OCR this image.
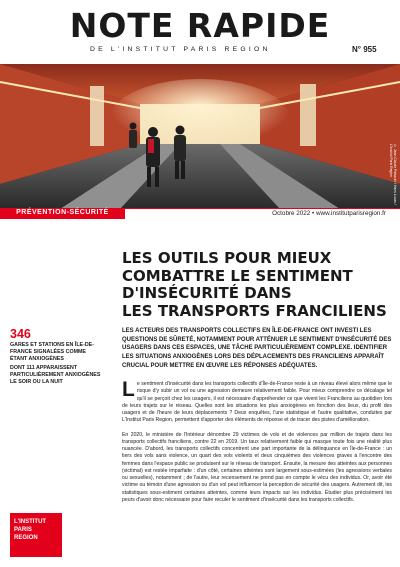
NOTE RAPIDE
DE L'INSTITUT PARIS REGION	N° 955
© Jean-Claude Pattacini / Hans Lucas / L'Institut Paris Region
PRÉVENTION-SÉCURITÉ	Octobre 2022 • www.institutparisregion.fr
LES OUTILS POUR MIEUX
COMBATTRE LE SENTIMENT
D'INSÉCURITÉ DANS
LES TRANSPORTS FRANCILIENS
346
GARES ET STATIONS EN ÎLE-DE-FRANCE SIGNALÉES COMME ÉTANT ANXIOGÈNES
DONT 111 APPARAISSENT PARTICULIÈREMENT ANXIOGÈNES LE SOIR OU LA NUIT
LES ACTEURS DES TRANSPORTS COLLECTIFS EN ÎLE-DE-FRANCE ONT INVESTI LES QUESTIONS DE SÛRETÉ, NOTAMMENT POUR ATTÉNUER LE SENTIMENT D'INSÉCURITÉ DES USAGERS DANS CES ESPACES, UNE TÂCHE PARTICULIÈREMENT COMPLEXE. IDENTIFIER LES SITUATIONS ANXIOGÈNES LORS DES DÉPLACEMENTS DES FRANCILIENS APPARAÎT CRUCIAL POUR METTRE EN ŒUVRE LES RÉPONSES ADÉQUATES.

Le sentiment d'insécurité dans les transports collectifs d'Île-de-France reste à un niveau élevé alors même que le risque d'y subir un vol ou une agression demeure relativement faible. Pour mieux comprendre ce décalage tel qu'il se perçoit chez les usagers, il est nécessaire d'appréhender ce que vivent les Franciliens au quotidien lors de leurs trajets sur le réseau. Quelles sont les situations les plus anxiogènes en fonction des lieux, du profil des usagers et de l'heure de leurs déplacements ? Deux enquêtes, l'une statistique et l'autre qualitative, conduites par L'Institut Paris Region, permettent d'apporter des éléments de réponse et de tracer des pistes d'amélioration.

En 2020, le ministère de l'Intérieur dénombre 29 victimes de vols et de violences par million de trajets dans les transports collectifs franciliens, contre 22 en 2019. Un taux relativement faible qui masque toute fois une réalité plus nuancée. D'abord, les transports collectifs concentrent une part importante de la délinquance en Île-de-France : un tiers des vols sans violence, un quart des vols violents et deux cinquièmes des violences graves à l'encontre des femmes dans l'espace public se produisent sur le réseau de transport. Ensuite, la mesure des atteintes aux personnes (victimat) est restée imparfaite : d'un côté, certaines atteintes sont largement sous-estimées (les agressions verbales ou sexuelles), notamment ; de l'autre, leur recensement ne prend pas en compte le vécu des individus. Or, avoir été victime ou témoin d'une agression ou d'un vol peut influencer la perception de sécurité des usagers. Autrement dit, les statistiques sous-estiment certaines atteintes, comme leurs impacts sur les individus. Étudier plus précisément les peurs d'avoir donc nécessaire pour faire reculer le sentiment d'insécurité dans les transports collectifs.

L'INSTITUT
PARIS
REGION
